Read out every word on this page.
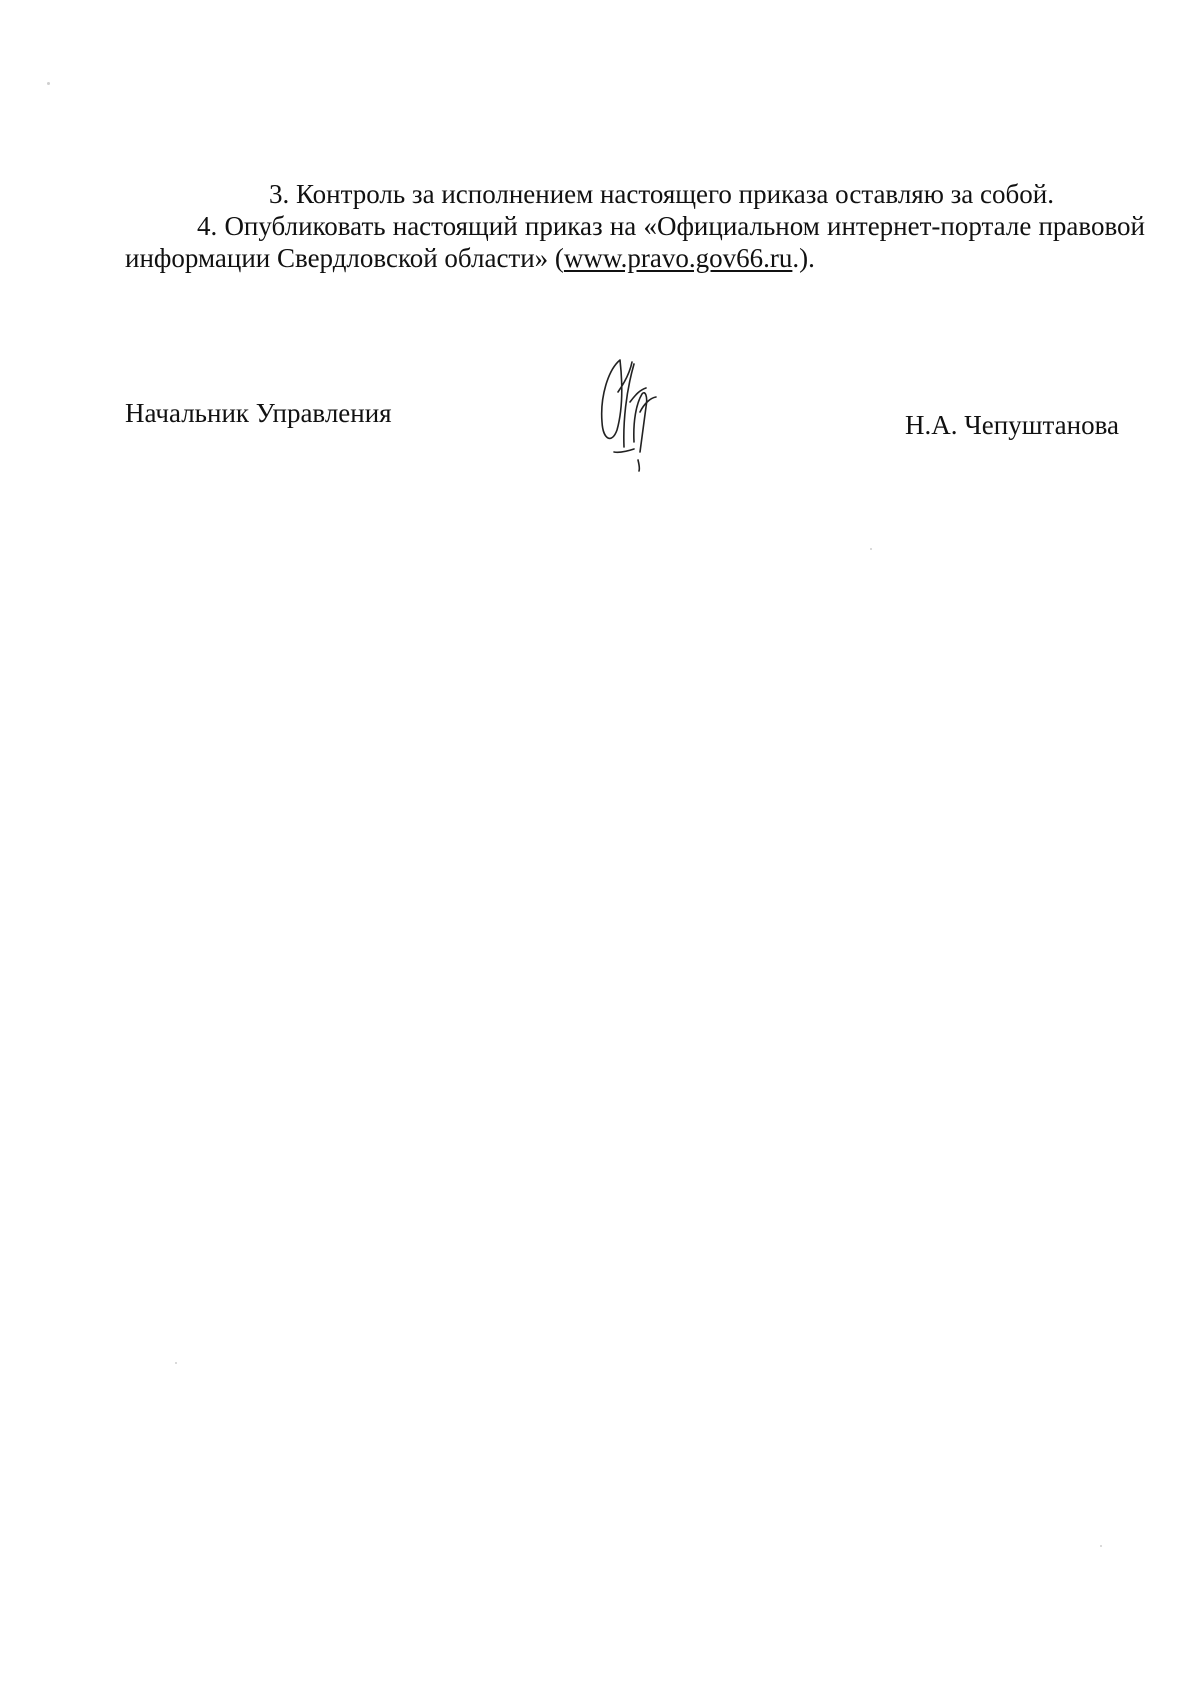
3. Контроль за исполнением настоящего приказа оставляю за собой.

4. Опубликовать настоящий приказ на «Официальном интернет-портале правовой информации Свердловской области» (www.pravo.gov66.ru.).

Начальник Управления	Н.А. Чепуштанова
